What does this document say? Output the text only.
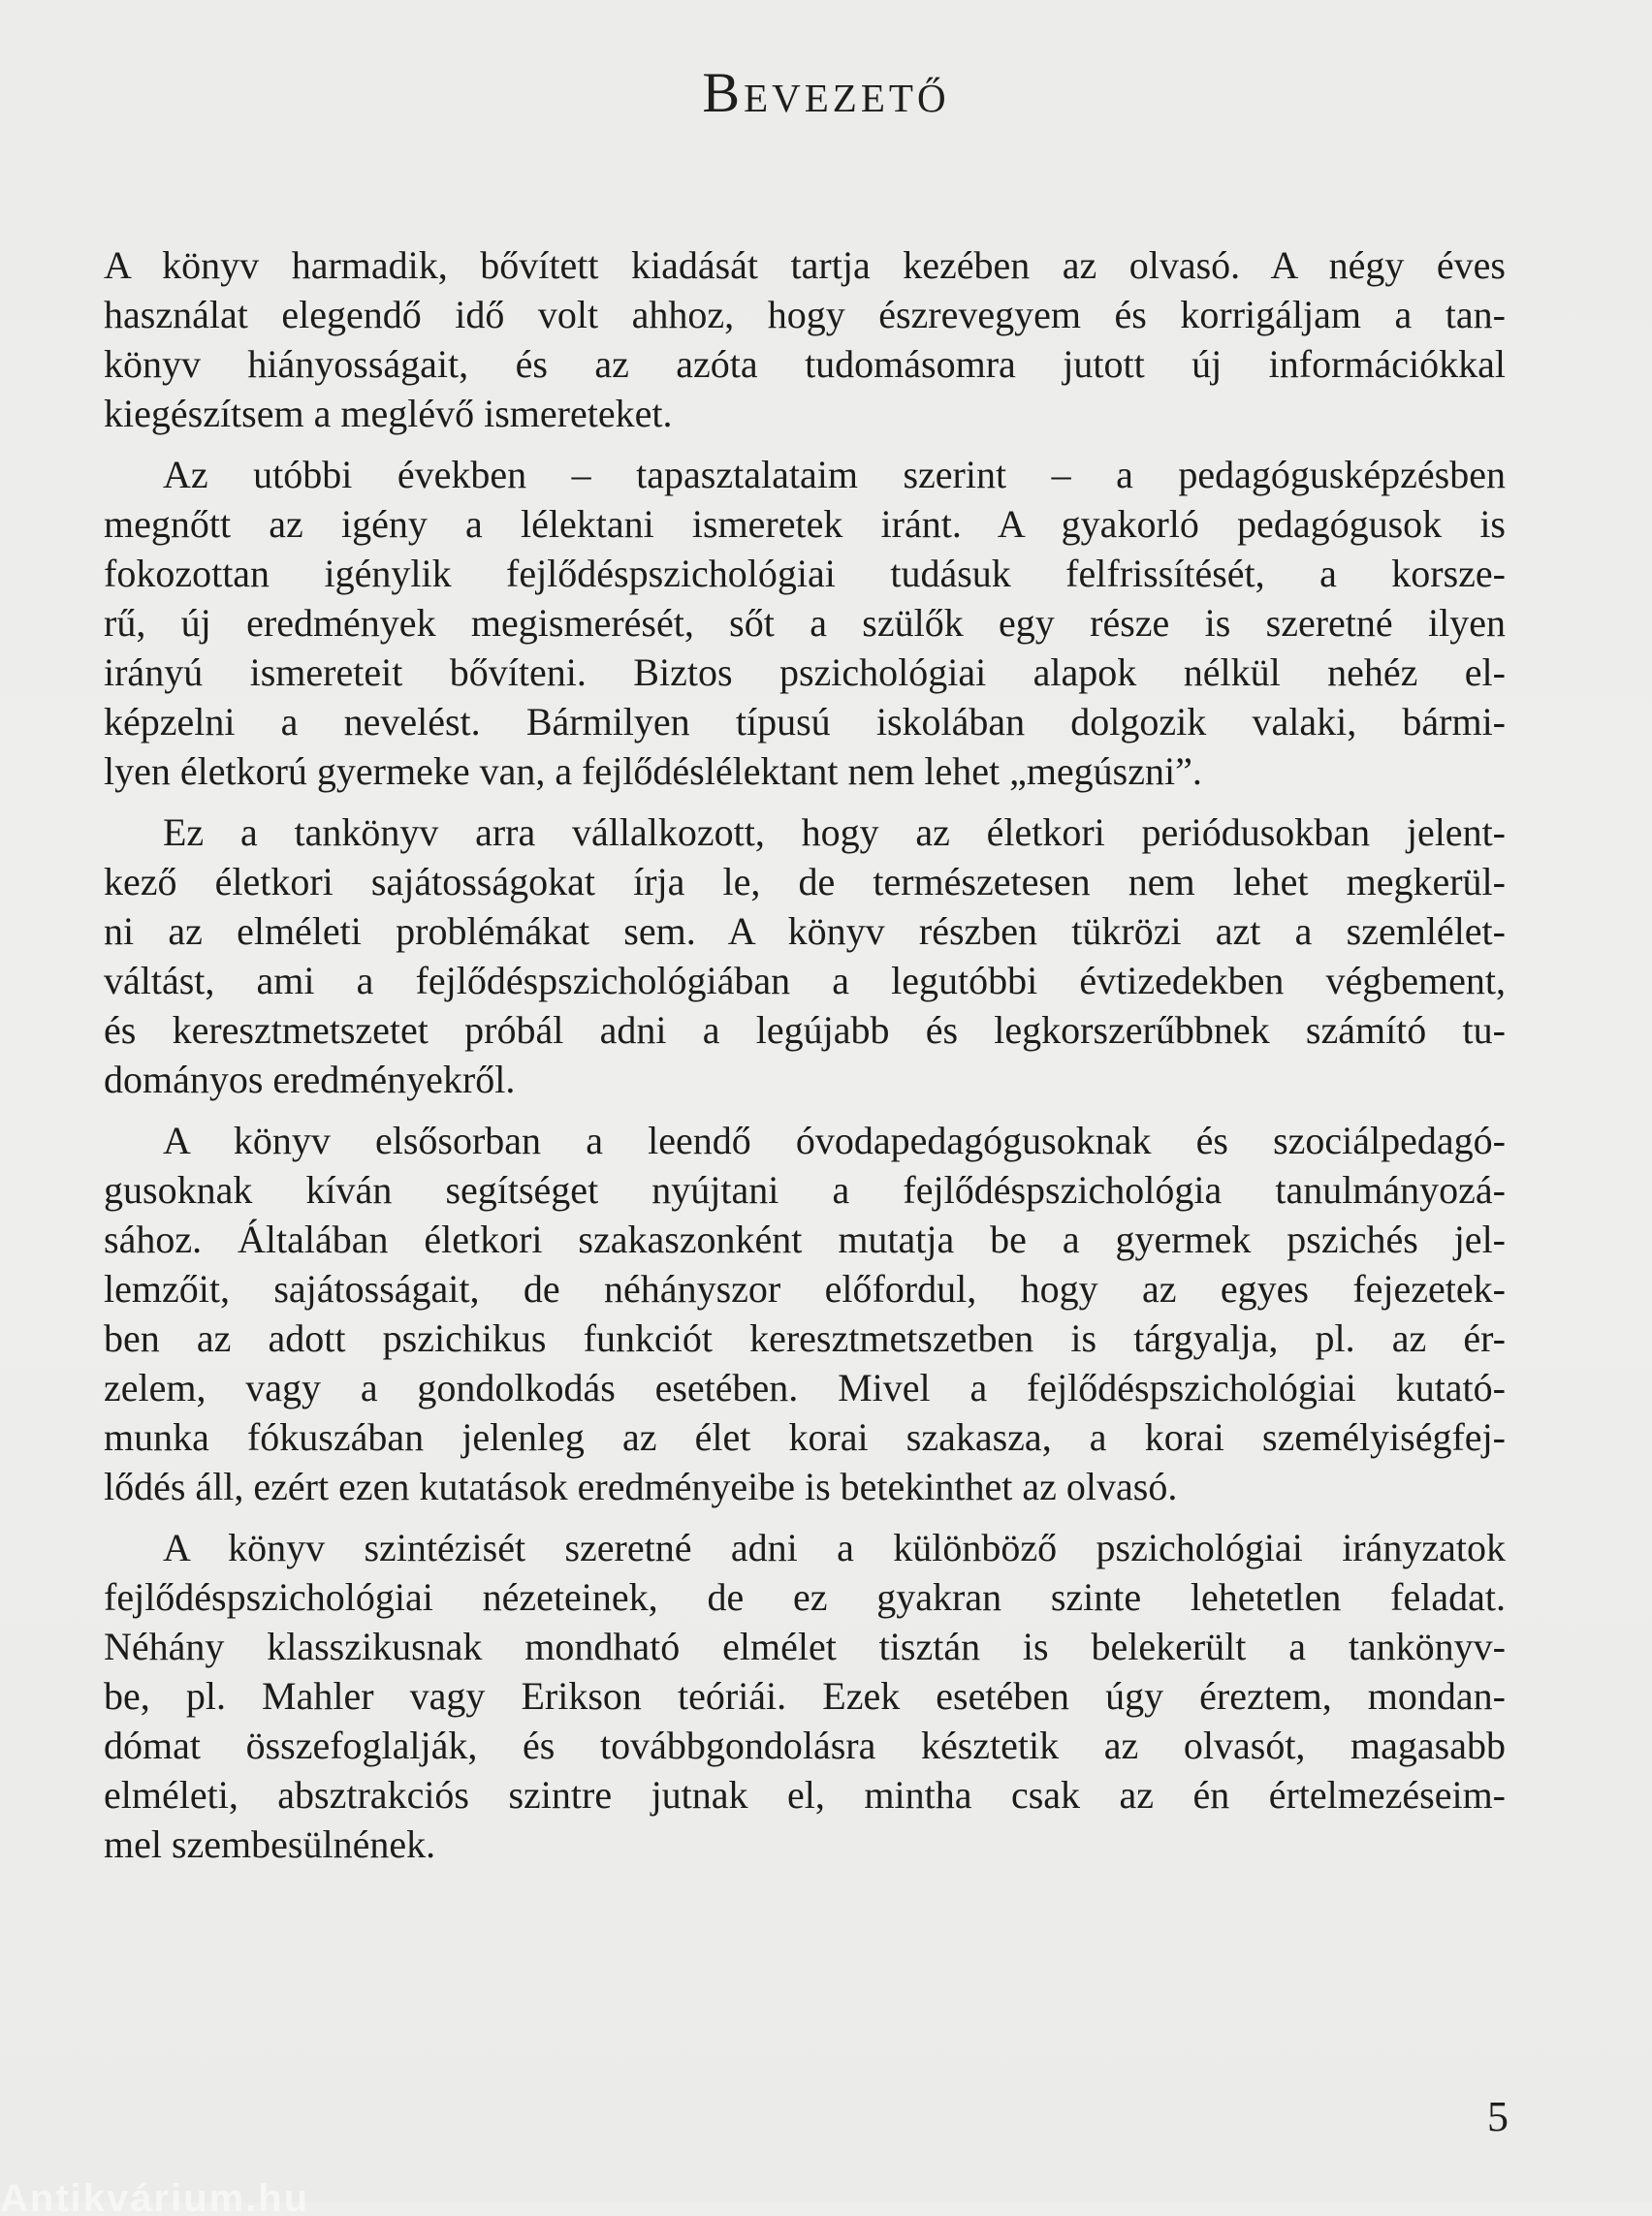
Bevezető
A könyv harmadik, bővített kiadását tartja kezében az olvasó. A négy éves
használat elegendő idő volt ahhoz, hogy észrevegyem és korrigáljam a tan-
könyv hiányosságait, és az azóta tudomásomra jutott új információkkal
kiegészítsem a meglévő ismereteket.
Az utóbbi években – tapasztalataim szerint – a pedagógusképzésben
megnőtt az igény a lélektani ismeretek iránt. A gyakorló pedagógusok is
fokozottan igénylik fejlődéspszichológiai tudásuk felfrissítését, a korsze-
rű, új eredmények megismerését, sőt a szülők egy része is szeretné ilyen
irányú ismereteit bővíteni. Biztos pszichológiai alapok nélkül nehéz el-
képzelni a nevelést. Bármilyen típusú iskolában dolgozik valaki, bármi-
lyen életkorú gyermeke van, a fejlődéslélektant nem lehet „megúszni”.
Ez a tankönyv arra vállalkozott, hogy az életkori periódusokban jelent-
kező életkori sajátosságokat írja le, de természetesen nem lehet megkerül-
ni az elméleti problémákat sem. A könyv részben tükrözi azt a szemlélet-
váltást, ami a fejlődéspszichológiában a legutóbbi évtizedekben végbement,
és keresztmetszetet próbál adni a legújabb és legkorszerűbbnek számító tu-
dományos eredményekről.
A könyv elsősorban a leendő óvodapedagógusoknak és szociálpedagó-
gusoknak kíván segítséget nyújtani a fejlődéspszichológia tanulmányozá-
sához. Általában életkori szakaszonként mutatja be a gyermek pszichés jel-
lemzőit, sajátosságait, de néhányszor előfordul, hogy az egyes fejezetek-
ben az adott pszichikus funkciót keresztmetszetben is tárgyalja, pl. az ér-
zelem, vagy a gondolkodás esetében. Mivel a fejlődéspszichológiai kutató-
munka fókuszában jelenleg az élet korai szakasza, a korai személyiségfej-
lődés áll, ezért ezen kutatások eredményeibe is betekinthet az olvasó.
A könyv szintézisét szeretné adni a különböző pszichológiai irányzatok
fejlődéspszichológiai nézeteinek, de ez gyakran szinte lehetetlen feladat.
Néhány klasszikusnak mondható elmélet tisztán is belekerült a tankönyv-
be, pl. Mahler vagy Erikson teóriái. Ezek esetében úgy éreztem, mondan-
dómat összefoglalják, és továbbgondolásra késztetik az olvasót, magasabb
elméleti, absztrakciós szintre jutnak el, mintha csak az én értelmezéseim-
mel szembesülnének.
5
Antikvárium.hu
